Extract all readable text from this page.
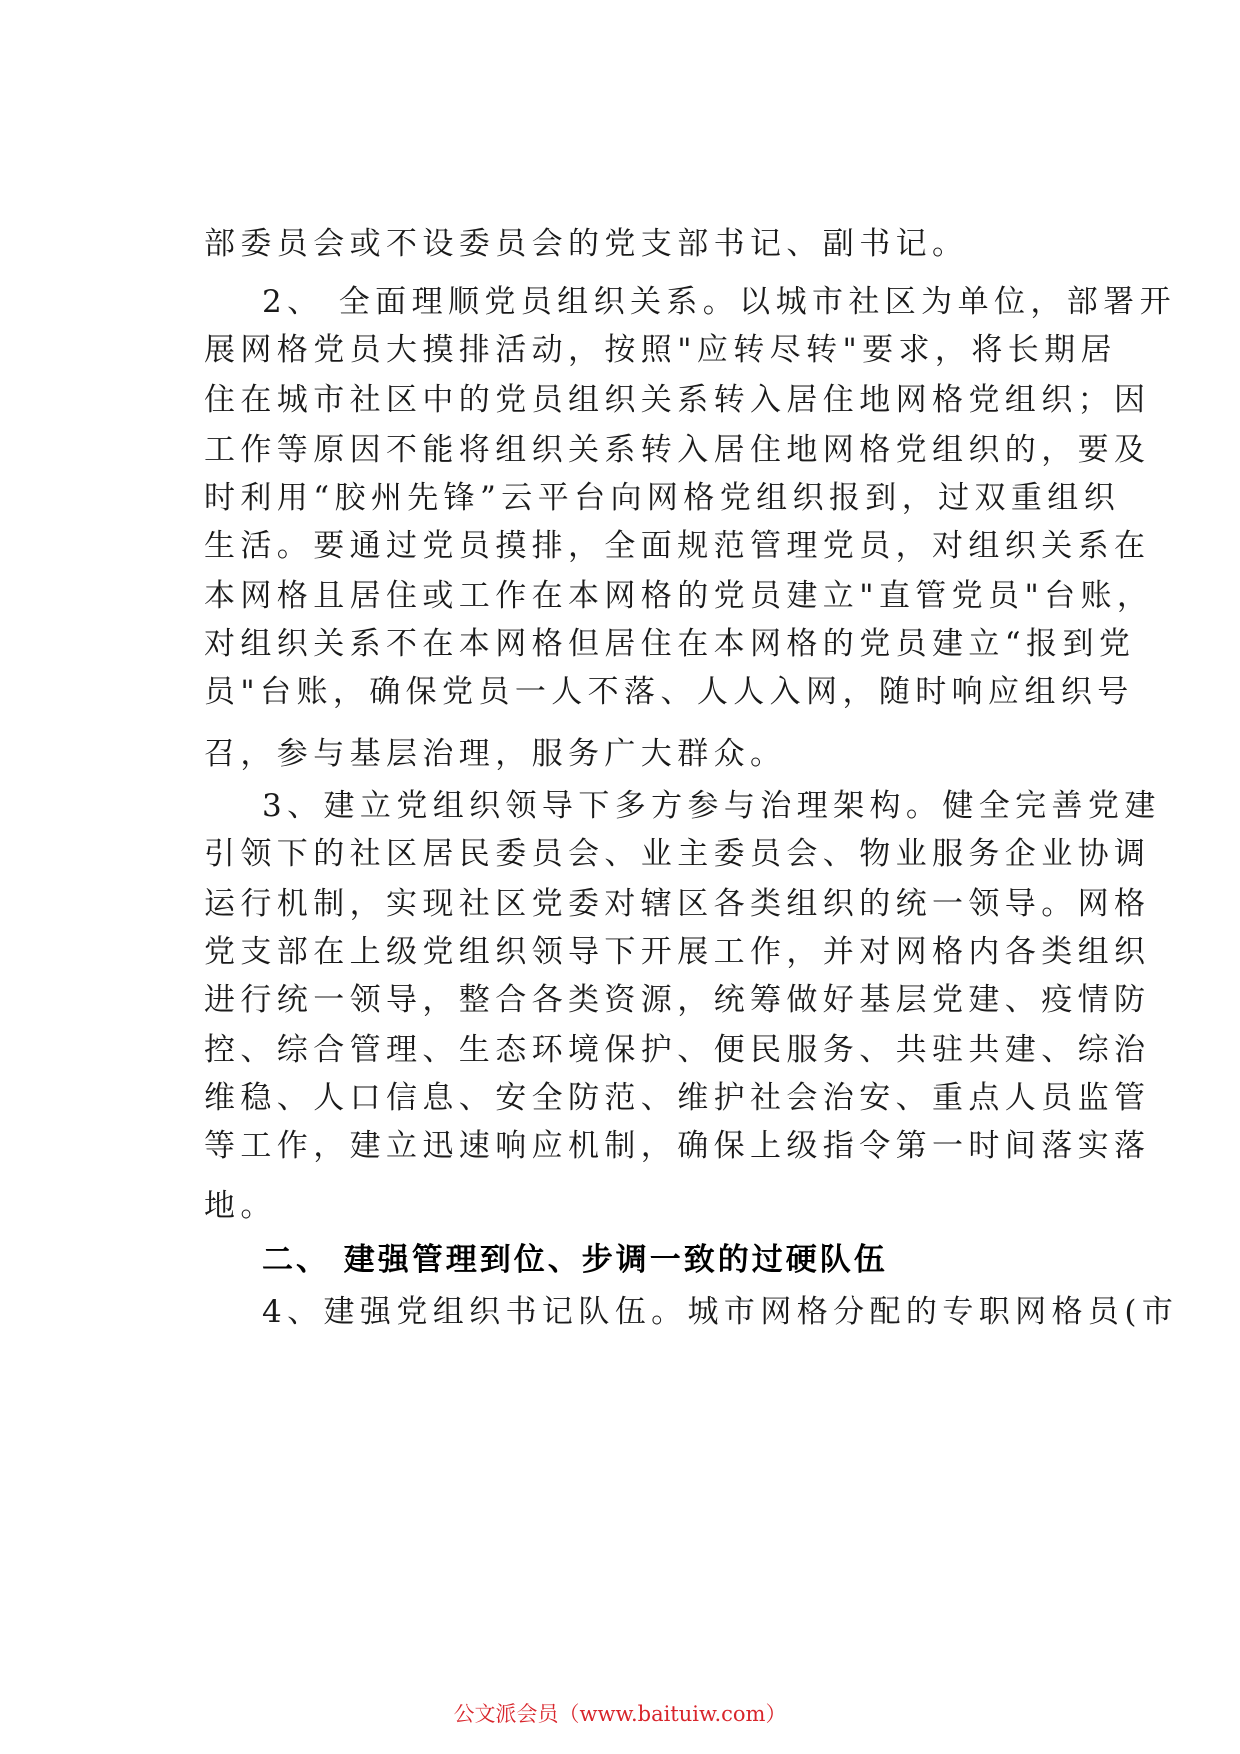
部委员会或不设委员会的党支部书记、副书记。
2、 全面理顺党员组织关系。以城市社区为单位，部署开
展网格党员大摸排活动，按照"应转尽转"要求，将长期居
住在城市社区中的党员组织关系转入居住地网格党组织；因
工作等原因不能将组织关系转入居住地网格党组织的，要及
时利用“胶州先锋”云平台向网格党组织报到，过双重组织
生活。要通过党员摸排，全面规范管理党员，对组织关系在
本网格且居住或工作在本网格的党员建立"直管党员"台账，
对组织关系不在本网格但居住在本网格的党员建立“报到党
员"台账，确保党员一人不落、人人入网，随时响应组织号
召，参与基层治理，服务广大群众。
3、建立党组织领导下多方参与治理架构。健全完善党建
引领下的社区居民委员会、业主委员会、物业服务企业协调
运行机制，实现社区党委对辖区各类组织的统一领导。网格
党支部在上级党组织领导下开展工作，并对网格内各类组织
进行统一领导，整合各类资源，统筹做好基层党建、疫情防
控、综合管理、生态环境保护、便民服务、共驻共建、综治
维稳、人口信息、安全防范、维护社会治安、重点人员监管
等工作，建立迅速响应机制，确保上级指令第一时间落实落
地。
二、 建强管理到位、步调一致的过硬队伍
4、建强党组织书记队伍。城市网格分配的专职网格员(市
公文派会员（www.baituiw.com）
